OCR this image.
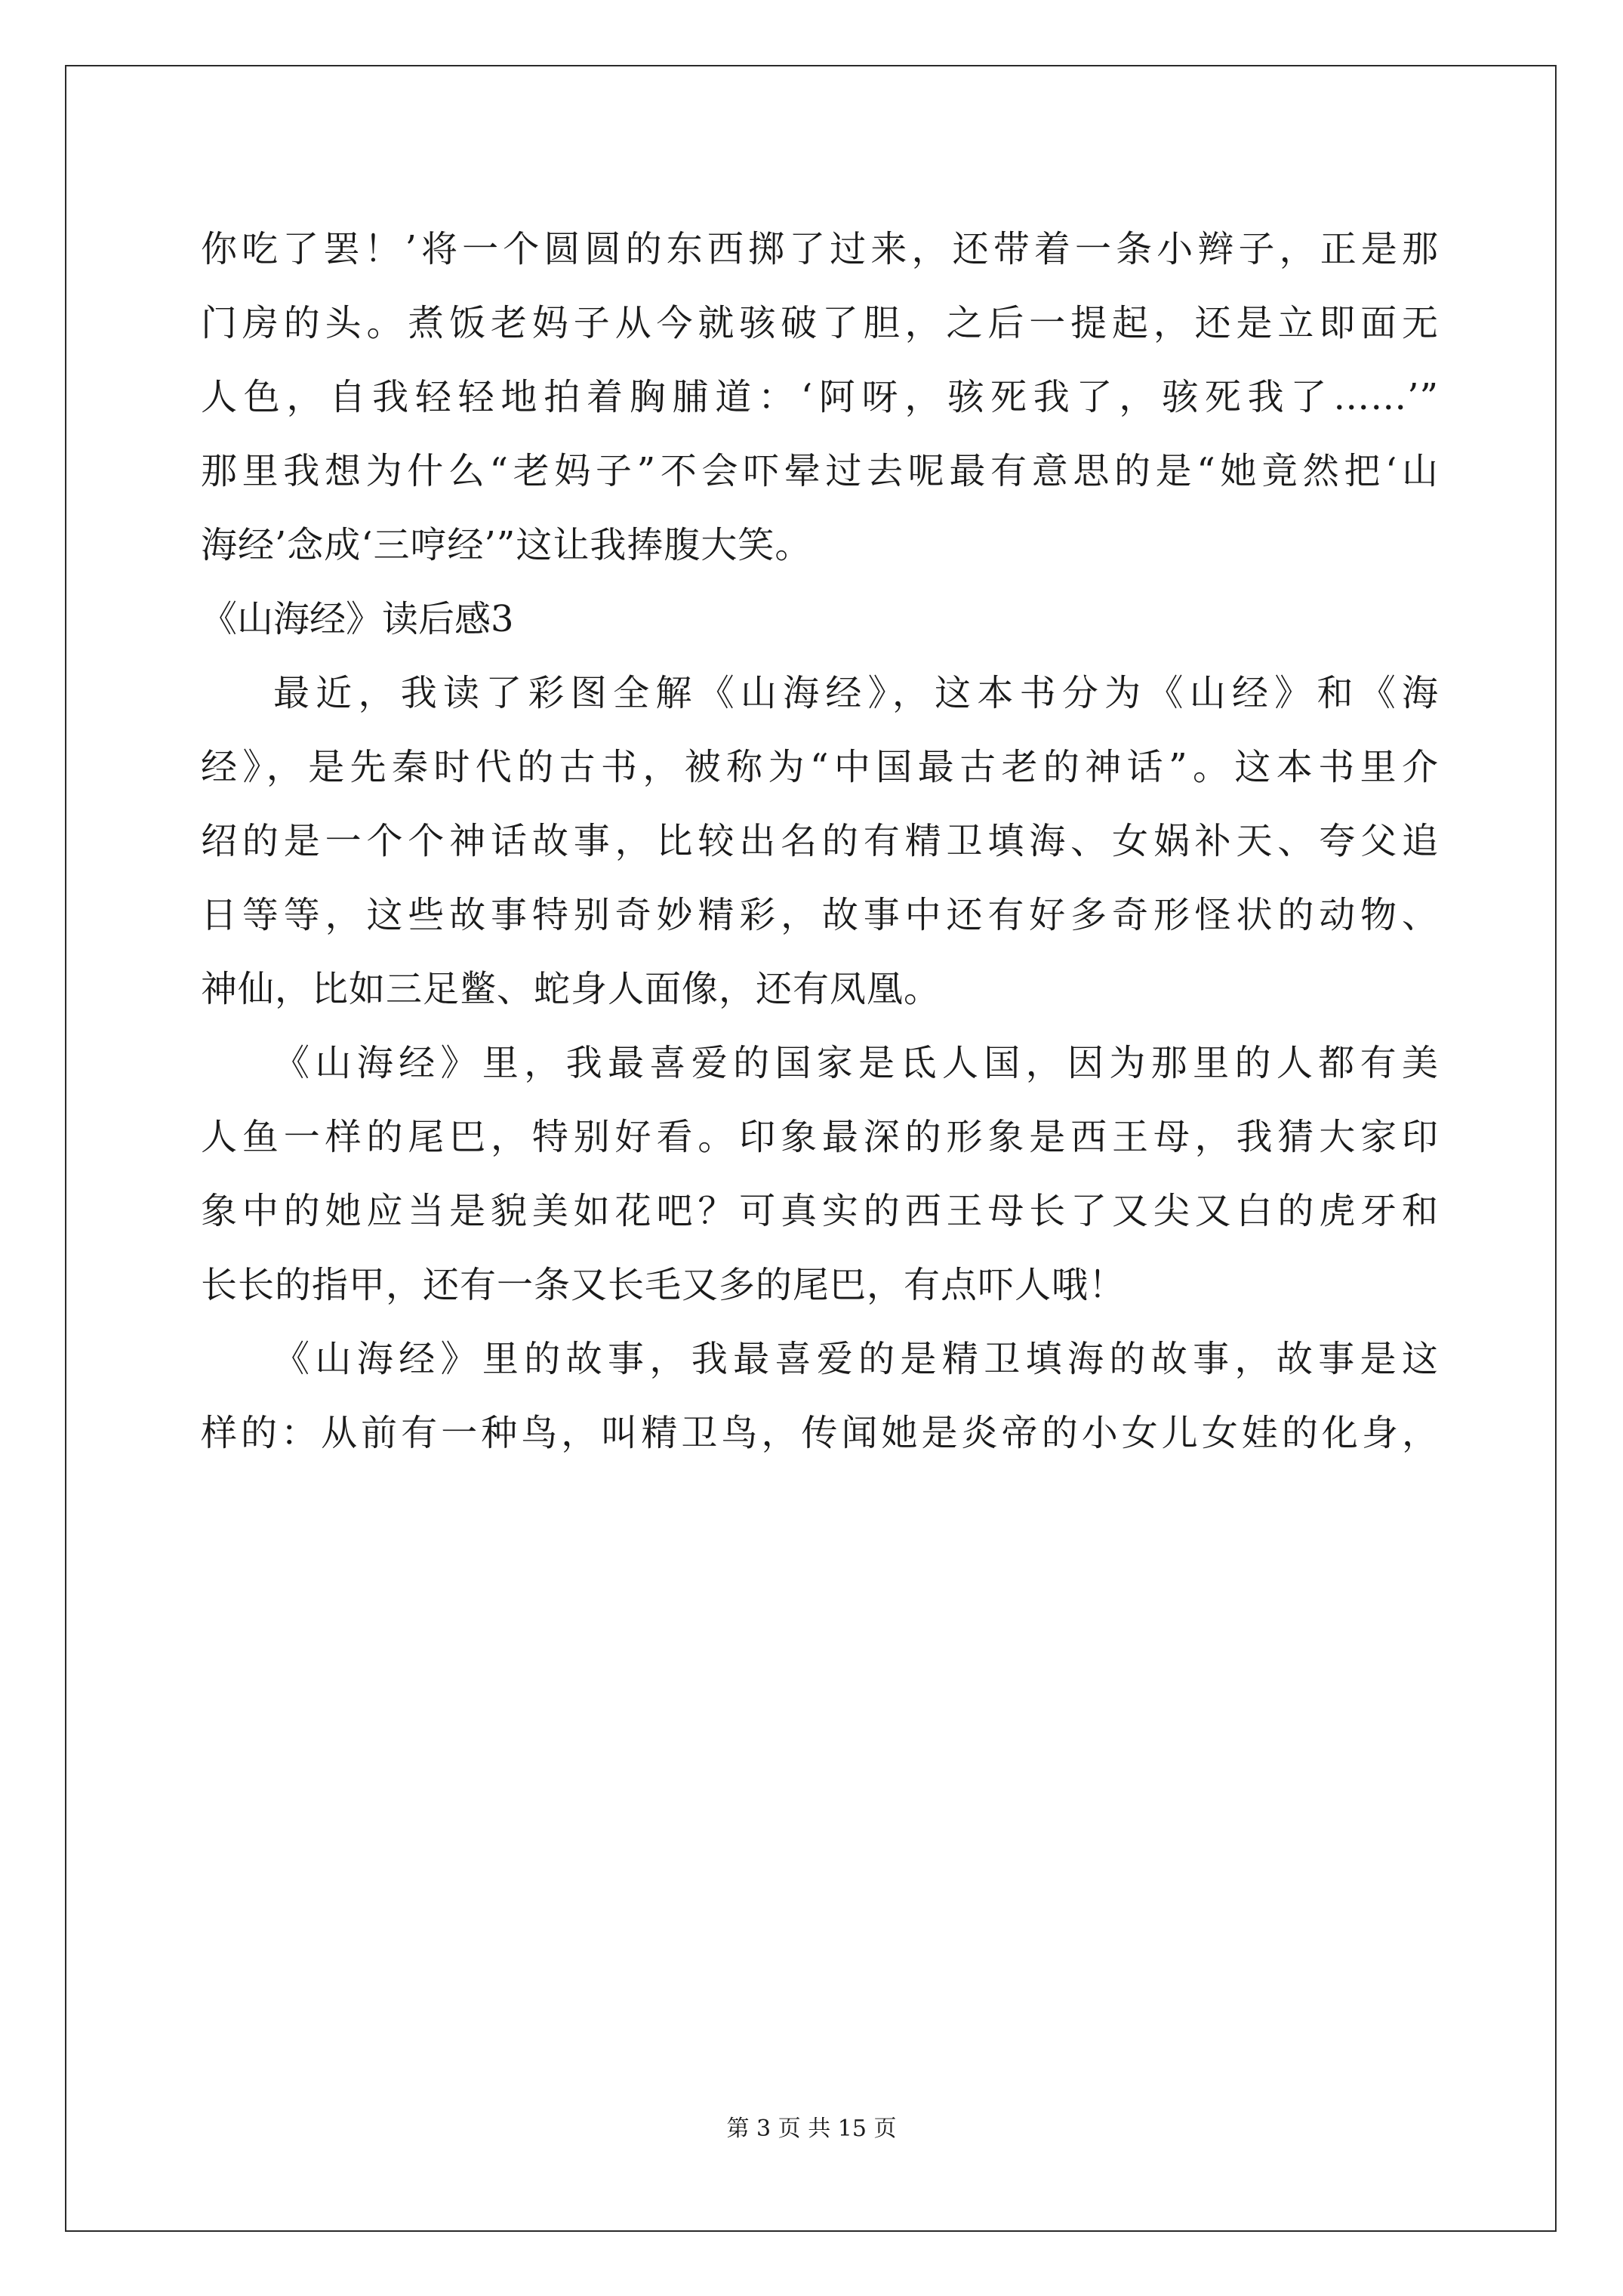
你吃了罢！’将一个圆圆的东西掷了过来，还带着一条小辫子，正是那
门房的头。煮饭老妈子从今就骇破了胆，之后一提起，还是立即面无
人色，自我轻轻地拍着胸脯道：‘阿呀，骇死我了，骇死我了……’”
那里我想为什么“老妈子”不会吓晕过去呢最有意思的是“她竟然把‘山
海经’念成‘三哼经’”这让我捧腹大笑。
《山海经》读后感3
最近，我读了彩图全解《山海经》，这本书分为《山经》和《海
经》，是先秦时代的古书，被称为“中国最古老的神话”。这本书里介
绍的是一个个神话故事，比较出名的有精卫填海、女娲补天、夸父追
日等等，这些故事特别奇妙精彩，故事中还有好多奇形怪状的动物、
神仙，比如三足鳖、蛇身人面像，还有凤凰。
《山海经》里，我最喜爱的国家是氐人国，因为那里的人都有美
人鱼一样的尾巴，特别好看。印象最深的形象是西王母，我猜大家印
象中的她应当是貌美如花吧？可真实的西王母长了又尖又白的虎牙和
长长的指甲，还有一条又长毛又多的尾巴，有点吓人哦！
《山海经》里的故事，我最喜爱的是精卫填海的故事，故事是这
样的：从前有一种鸟，叫精卫鸟，传闻她是炎帝的小女儿女娃的化身，
第 3 页 共 15 页
